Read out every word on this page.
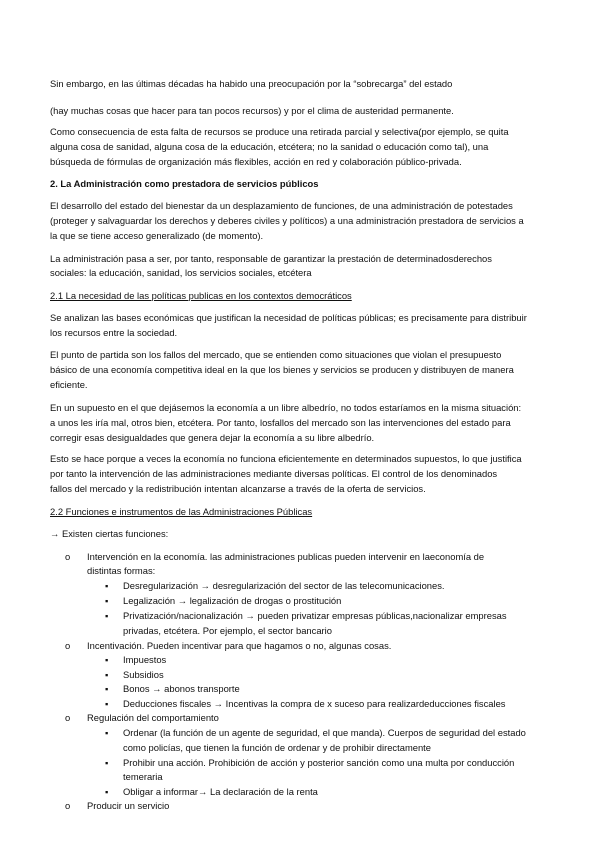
Sin embargo, en las últimas décadas ha habido una preocupación por la “sobrecarga” del estado

(hay muchas cosas que hacer para tan pocos recursos) y por el clima de austeridad permanente.

Como consecuencia de esta falta de recursos se produce una retirada parcial y selectiva(por ejemplo, se quita

alguna cosa de sanidad, alguna cosa de la educación, etcétera; no la sanidad o educación como tal), una

búsqueda de fórmulas de organización más flexibles, acción en red y colaboración público-privada.

2. La Administración como prestadora de servicios públicos

El desarrollo del estado del bienestar da un desplazamiento de funciones, de una administración de potestades

(proteger y salvaguardar los derechos y deberes civiles y políticos) a una administración prestadora de servicios a

la que se tiene acceso generalizado (de momento).

La administración pasa a ser, por tanto, responsable de garantizar la prestación de determinadosderechos

sociales: la educación, sanidad, los servicios sociales, etcétera

2.1 La necesidad de las políticas publicas en los contextos democráticos

Se analizan las bases económicas que justifican la necesidad de políticas públicas; es precisamente para distribuir

los recursos entre la sociedad.

El punto de partida son los fallos del mercado, que se entienden como situaciones que violan el presupuesto

básico de una economía competitiva ideal en la que los bienes y servicios se producen y distribuyen de manera

eficiente.

En un supuesto en el que dejásemos la economía a un libre albedrío, no todos estaríamos en la misma situación:

a unos les iría mal, otros bien, etcétera. Por tanto, losfallos del mercado son las intervenciones del estado para

corregir esas desigualdades que genera dejar la economía a su libre albedrío.

Esto se hace porque a veces la economía no funciona eficientemente en determinados supuestos, lo que justifica

por tanto la intervención de las administraciones mediante diversas políticas. El control de los denominados

fallos del mercado y la redistribución intentan alcanzarse a través de la oferta de servicios.

2.2 Funciones e instrumentos de las Administraciones Públicas

→ Existen ciertas funciones:

o Intervención en la economía. las administraciones publicas pueden intervenir en laeconomía de

distintas formas:

▪ Desregularización → desregularización del sector de las telecomunicaciones.

▪ Legalización → legalización de drogas o prostitución

▪ Privatización/nacionalización → pueden privatizar empresas públicas,nacionalizar empresas

privadas, etcétera. Por ejemplo, el sector bancario

o Incentivación. Pueden incentivar para que hagamos o no, algunas cosas.

▪ Impuestos

▪ Subsidios

▪ Bonos → abonos transporte

▪ Deducciones fiscales → Incentivas la compra de x suceso para realizardeducciones fiscales

o Regulación del comportamiento

▪ Ordenar (la función de un agente de seguridad, el que manda). Cuerpos de seguridad del estado

como policías, que tienen la función de ordenar y de prohibir directamente

▪ Prohibir una acción. Prohibición de acción y posterior sanción como una multa por conducción

temeraria

▪ Obligar a informar→ La declaración de la renta

o Producir un servicio
